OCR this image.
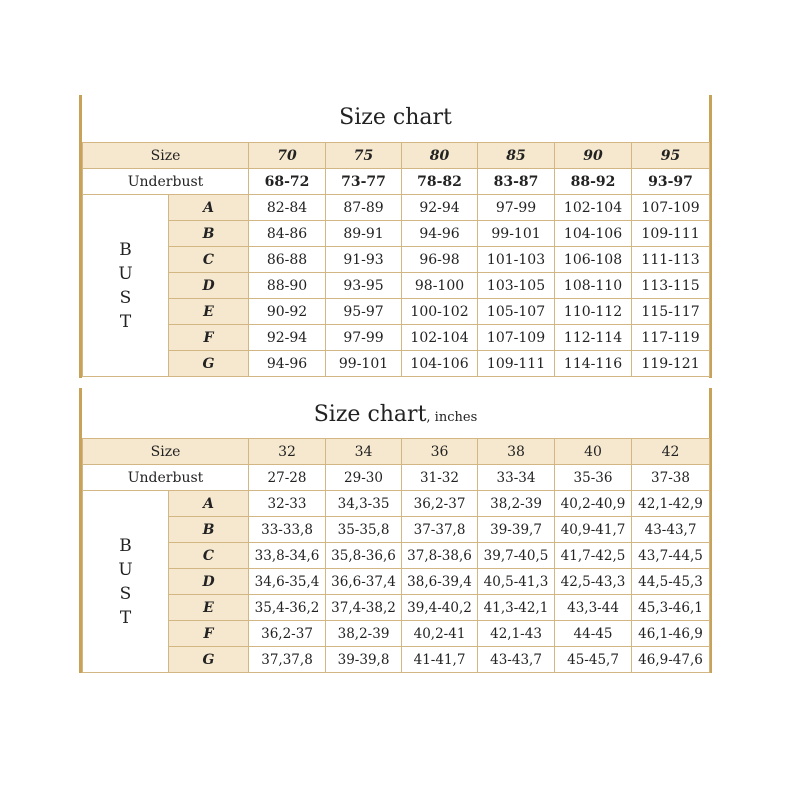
Size chart
Size		70	75	80	85	90	95
Underbust		68-72	73-77	78-82	83-87	88-92	93-97

B
U
S
T	A	82-84	87-89	92-94	97-99	102-104	107-109
	B	84-86	89-91	94-96	99-101	104-106	109-111
	C	86-88	91-93	96-98	101-103	106-108	111-113
	D	88-90	93-95	98-100	103-105	108-110	113-115
	E	90-92	95-97	100-102	105-107	110-112	115-117
	F	92-94	97-99	102-104	107-109	112-114	117-119
	G	94-96	99-101	104-106	109-111	114-116	119-121
Size chart, inches
Size		32	34	36	38	40	42
Underbust		27-28	29-30	31-32	33-34	35-36	37-38

B
U
S
T	A	32-33	34,3-35	36,2-37	38,2-39	40,2-40,9	42,1-42,9
	B	33-33,8	35-35,8	37-37,8	39-39,7	40,9-41,7	43-43,7
	C	33,8-34,6	35,8-36,6	37,8-38,6	39,7-40,5	41,7-42,5	43,7-44,5
	D	34,6-35,4	36,6-37,4	38,6-39,4	40,5-41,3	42,5-43,3	44,5-45,3
	E	35,4-36,2	37,4-38,2	39,4-40,2	41,3-42,1	43,3-44	45,3-46,1
	F	36,2-37	38,2-39	40,2-41	42,1-43	44-45	46,1-46,9
	G	37,37,8	39-39,8	41-41,7	43-43,7	45-45,7	46,9-47,6
